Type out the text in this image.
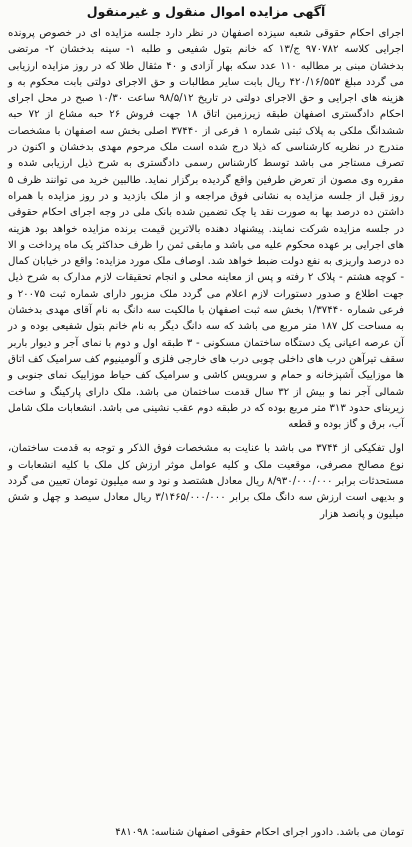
آگهی مزایده اموال منقول و غیرمنقول

اجرای احکام حقوقی شعبه سیزده اصفهان در نظر دارد جلسه مزایده ای در خصوص پرونده اجرایی کلاسه ۹۷۰۷۸۲ ج/۱۳ که خانم بتول شفیعی و طلبه ۱- سینه بدخشان ۲- مرتضی بدخشان مبنی بر مطالبه ۱۱۰ عدد سکه بهار آزادی و ۴۰ مثقال طلا که در روز مزایده ارزیابی می گردد مبلغ ۴۲۰/۱۶/۵۵۳ ریال بابت سایر مطالبات و حق الاجرای دولتی بابت محکوم به و هزینه های اجرایی و حق الاجرای دولتی در تاریخ ۹۸/۵/۱۲ ساعت ۱۰/۳۰ صبح در محل اجرای احکام دادگستری اصفهان طبقه زیرزمین اتاق ۱۸ جهت فروش ۲۶ حبه مشاع از ۷۲ حبه ششدانگ ملکی به پلاک ثبتی شماره ۱ فرعی از ۳۷۴۴۰ اصلی بخش سه اصفهان با مشخصات مندرج در نظریه کارشناسی که ذیلا درج شده است ملک مرحوم مهدی بدخشان و اکنون در تصرف مستاجر می باشد توسط کارشناس رسمی دادگستری به شرح ذیل ارزیابی شده و مقرره وی مصون از تعرض طرفین واقع گردیده برگزار نماید. طالبین خرید می توانند ظرف ۵ روز قبل از جلسه مزایده به نشانی فوق مراجعه و از ملک بازدید و در روز مزایده با همراه داشتن ده درصد بها به صورت نقد یا چک تضمین شده بانک ملی در وجه اجرای احکام حقوقی در جلسه مزایده شرکت نمایند. پیشنهاد دهنده بالاترین قیمت برنده مزایده خواهد بود هزینه های اجرایی بر عهده محکوم علیه می باشد و مابقی ثمن را ظرف حداکثر یک ماه پرداخت و الا ده درصد واریزی به نفع دولت ضبط خواهد شد. اوصاف ملک مورد مزایده: واقع در خیابان کمال - کوچه هشتم - پلاک ۲ رفته و پس از معاینه محلی و انجام تحقیقات لازم مدارک به شرح ذیل جهت اطلاع و صدور دستورات لازم اعلام می گردد ملک مزبور دارای شماره ثبت ۲۰۰۷۵ و فرعی شماره ۱/۳۷۴۴۰ بخش سه ثبت اصفهان با مالکیت سه دانگ به نام آقای مهدی بدخشان به مساحت کل ۱۸۷ متر مربع می باشد که سه دانگ دیگر به نام خانم بتول شفیعی بوده و در آن عرصه اعیانی یک دستگاه ساختمان مسکونی - ۳ طبقه اول و دوم با نمای آجر و دیوار باربر سقف تیرآهن درب های داخلی چوبی درب های خارجی فلزی و آلومینیوم کف سرامیک کف اتاق ها موزاییک آشپزخانه و حمام و سرویس کاشی و سرامیک کف حیاط موزاییک نمای جنوبی و شمالی آجر نما و بیش از ۳۲ سال قدمت ساختمان می باشد. ملک دارای پارکینگ و ساخت زیربنای حدود ۳۱۳ متر مربع بوده که در طبقه دوم عقب نشینی می باشد. انشعابات ملک شامل آب، برق و گاز بوده و قطعه

اول تفکیکی از ۳۷۴۴ می باشد با عنایت به مشخصات فوق الذکر و توجه به قدمت ساختمان، نوع مصالح مصرفی، موقعیت ملک و کلیه عوامل موثر ارزش کل ملک با کلیه انشعابات و مستحدثات برابر ۸/۹۳۰/۰۰۰/۰۰۰ ریال معادل هشتصد و نود و سه میلیون تومان تعیین می گردد و بدیهی است ارزش سه دانگ ملک برابر ۳/۱۴۶۵/۰۰۰/۰۰۰ ریال معادل سیصد و چهل و شش میلیون و پانصد هزار

تومان می باشد. دادور اجرای احکام حقوقی اصفهان شناسه: ۴۸۱۰۹۸
